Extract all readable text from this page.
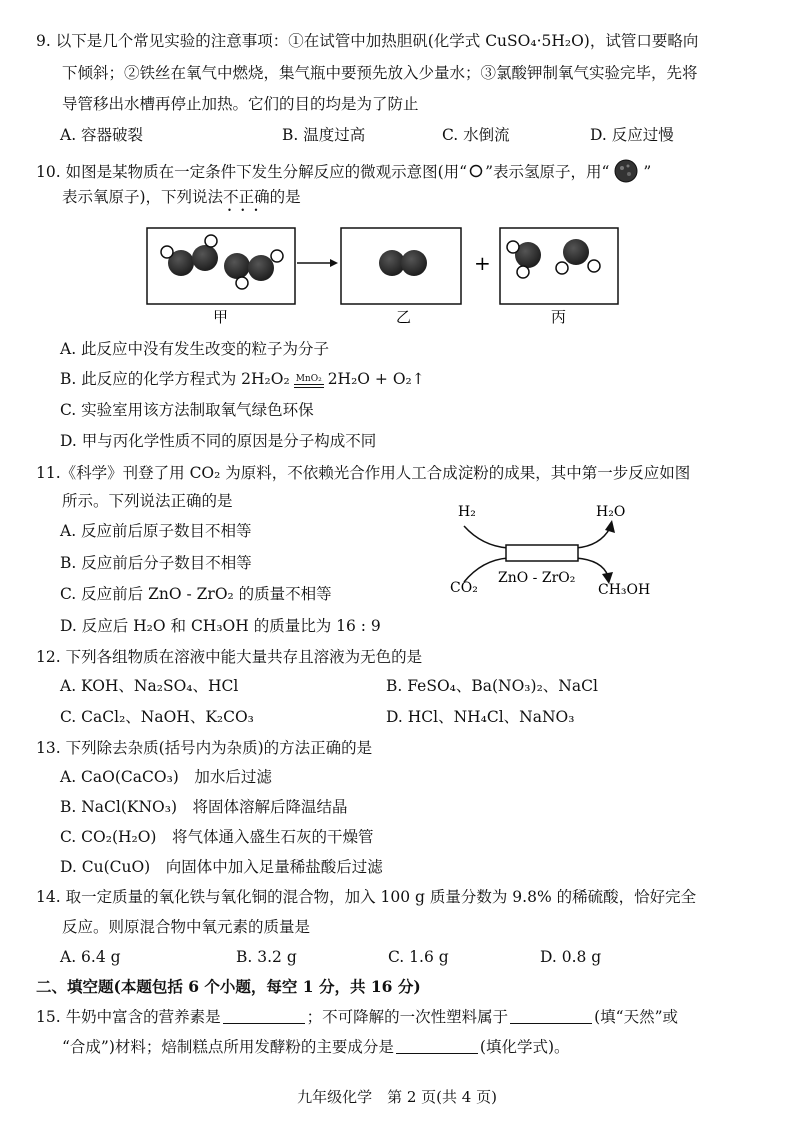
9. 以下是几个常见实验的注意事项：①在试管中加热胆矾(化学式 CuSO₄·5H₂O)，试管口要略向
下倾斜；②铁丝在氧气中燃烧，集气瓶中要预先放入少量水；③氯酸钾制氧气实验完毕，先将
导管移出水槽再停止加热。它们的目的均是为了防止
A. 容器破裂	B. 温度过高	C. 水倒流	D. 反应过慢
10. 如图是某物质在一定条件下发生分解反应的微观示意图(用“ ”表示氢原子，用“ ”
表示氧原子)，下列说法不正确 • • •的是
+
甲	乙	丙
A. 此反应中没有发生改变的粒子为分子
B. 此反应的化学方程式为 2H₂O₂ MnO₂ 2H₂O + O₂↑
C. 实验室用该方法制取氧气绿色环保
D. 甲与丙化学性质不同的原因是分子构成不同
11.《科学》刊登了用 CO₂ 为原料，不依赖光合作用人工合成淀粉的成果，其中第一步反应如图
所示。下列说法正确的是
A. 反应前后原子数目不相等
B. 反应前后分子数目不相等
C. 反应前后 ZnO - ZrO₂ 的质量不相等
D. 反应后 H₂O 和 CH₃OH 的质量比为 16 : 9
H₂	H₂O
CO₂
ZnO - ZrO₂
CH₃OH
12. 下列各组物质在溶液中能大量共存且溶液为无色的是
A. KOH、Na₂SO₄、HCl	B. FeSO₄、Ba(NO₃)₂、NaCl
C. CaCl₂、NaOH、K₂CO₃	D. HCl、NH₄Cl、NaNO₃
13. 下列除去杂质(括号内为杂质)的方法正确的是
A. CaO(CaCO₃)　加水后过滤
B. NaCl(KNO₃)　将固体溶解后降温结晶
C. CO₂(H₂O)　将气体通入盛生石灰的干燥管
D. Cu(CuO)　向固体中加入足量稀盐酸后过滤
14. 取一定质量的氧化铁与氧化铜的混合物，加入 100 g 质量分数为 9.8% 的稀硫酸，恰好完全
反应。则原混合物中氧元素的质量是
A. 6.4 g	B. 3.2 g	C. 1.6 g	D. 0.8 g
二、填空题(本题包括 6 个小题，每空 1 分，共 16 分)
15. 牛奶中富含的营养素是	；不可降解的一次性塑料属于	(填“天然”或
“合成”)材料；焙制糕点所用发酵粉的主要成分是	(填化学式)。
九年级化学　第 2 页(共 4 页)
